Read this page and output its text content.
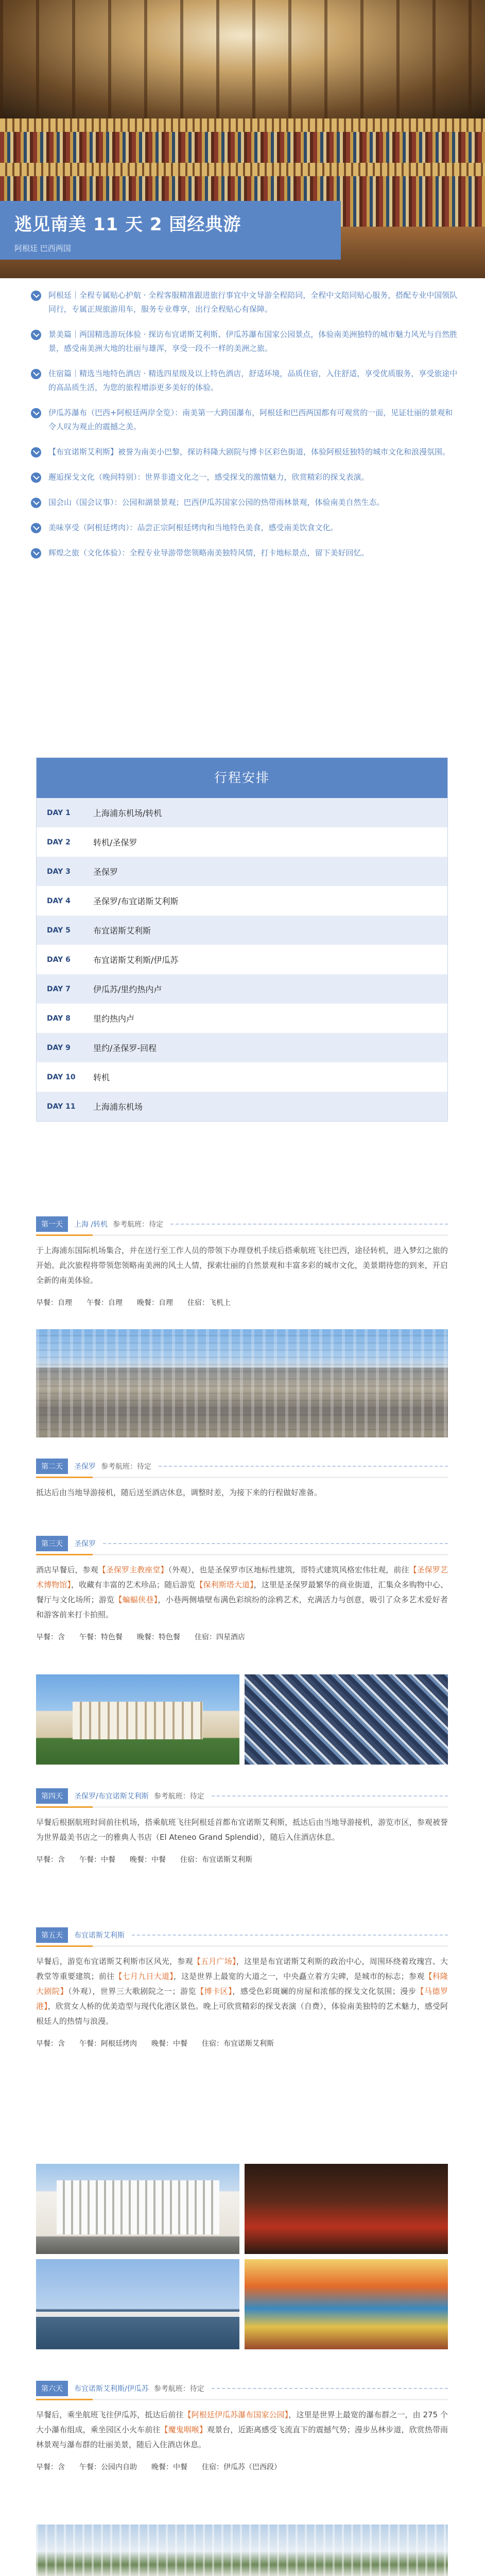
逃见南美 11 天 2 国经典游
阿根廷 巴西两国
阿根廷｜全程专属贴心护航 · 全程客服精准跟进旅行事宜中文导游全程陪同，全程中文陪同贴心服务，搭配专业中国领队同行，专属正规旅游用车，服务专业尊享，出行全程贴心有保障。
景美篇｜两国精选游玩体验 · 探访布宜诺斯艾利斯、伊瓜苏瀑布国家公园景点，体验南美洲独特的城市魅力风光与自然胜景，感受南美洲大地的壮丽与雄浑，享受一段不一样的美洲之旅。
住宿篇｜精选当地特色酒店 · 精选四星级及以上特色酒店，舒适环境，品质住宿，入住舒适，享受优质服务，享受旅途中的高品质生活，为您的旅程增添更多美好的体验。
伊瓜苏瀑布（巴西+阿根廷两岸全览）：南美第一大跨国瀑布，阿根廷和巴西两国都有可观赏的一面，见证壮丽的景观和令人叹为观止的震撼之美。
【布宜诺斯艾利斯】被誉为南美小巴黎，探访科隆大剧院与博卡区彩色街道，体验阿根廷独特的城市文化和浪漫氛围。
邂逅探戈文化（晚间特别）：世界非遗文化之一，感受探戈的激情魅力，欣赏精彩的探戈表演。
国会山（国会议事）：公园和湖景景观；巴西伊瓜苏国家公园的热带雨林景观，体验南美自然生态。
美味享受（阿根廷烤肉）：品尝正宗阿根廷烤肉和当地特色美食，感受南美饮食文化。
辉煌之旅（文化体验）：全程专业导游带您领略南美独特风情，打卡地标景点，留下美好回忆。
行程安排
DAY 1	上海浦东机场/转机
DAY 2	转机/圣保罗
DAY 3	圣保罗
DAY 4	圣保罗/布宜诺斯艾利斯
DAY 5	布宜诺斯艾利斯
DAY 6	布宜诺斯艾利斯/伊瓜苏
DAY 7	伊瓜苏/里约热内卢
DAY 8	里约热内卢
DAY 9	里约/圣保罗-回程
DAY 10	转机
DAY 11	上海浦东机场
第一天	上海 /转机 参考航班：待定
于上海浦东国际机场集合，并在送行至工作人员的带领下办理登机手续后搭乘航班飞往巴西，途径转机，进入梦幻之旅的开始。此次旅程将带领您领略南美洲的风土人情，探索壮丽的自然景观和丰富多彩的城市文化，美景期待您的到来，开启全新的南美体验。
早餐：自理 午餐：自理 晚餐：自理 住宿：飞机上
第二天	圣保罗 参考航班：待定
抵达后由当地导游接机，随后送至酒店休息，调整时差，为接下来的行程做好准备。
第三天	圣保罗
酒店早餐后，参观【圣保罗主教座堂】（外观），也是圣保罗市区地标性建筑，哥特式建筑风格宏伟壮观，前往【圣保罗艺术博物馆】，收藏有丰富的艺术珍品；随后游览【保利斯塔大道】，这里是圣保罗最繁华的商业街道，汇集众多购物中心、餐厅与文化场所；游览【蝙蝠侠巷】，小巷两侧墙壁布满色彩缤纷的涂鸦艺术，充满活力与创意，吸引了众多艺术爱好者和游客前来打卡拍照。
早餐：含 午餐：特色餐 晚餐：特色餐 住宿：四星酒店
第四天	圣保罗/布宜诺斯艾利斯 参考航班：待定
早餐后根据航班时间前往机场，搭乘航班飞往阿根廷首都布宜诺斯艾利斯，抵达后由当地导游接机，游览市区，参观被誉为世界最美书店之一的雅典人书店（El Ateneo Grand Splendid），随后入住酒店休息。
早餐：含 午餐：中餐 晚餐：中餐 住宿：布宜诺斯艾利斯
第五天	布宜诺斯艾利斯
早餐后，游览布宜诺斯艾利斯市区风光，参观【五月广场】，这里是布宜诺斯艾利斯的政治中心，周围环绕着玫瑰宫、大教堂等重要建筑；前往【七月九日大道】，这是世界上最宽的大道之一，中央矗立着方尖碑，是城市的标志；参观【科隆大剧院】（外观），世界三大歌剧院之一；游览【博卡区】，感受色彩斑斓的房屋和浓郁的探戈文化氛围；漫步【马德罗港】，欣赏女人桥的优美造型与现代化港区景色。晚上可欣赏精彩的探戈表演（自费），体验南美独特的艺术魅力，感受阿根廷人的热情与浪漫。
早餐：含 午餐：阿根廷烤肉 晚餐：中餐 住宿：布宜诺斯艾利斯
第六天	布宜诺斯艾利斯/伊瓜苏 参考航班：待定
早餐后，乘坐航班飞往伊瓜苏，抵达后前往【阿根廷伊瓜苏瀑布国家公园】，这里是世界上最宽的瀑布群之一，由 275 个大小瀑布组成，乘坐园区小火车前往【魔鬼咽喉】观景台，近距离感受飞流直下的震撼气势；漫步丛林步道，欣赏热带雨林景观与瀑布群的壮丽美景，随后入住酒店休息。
早餐：含 午餐：公园内自助 晚餐：中餐 住宿：伊瓜苏（巴西段）
